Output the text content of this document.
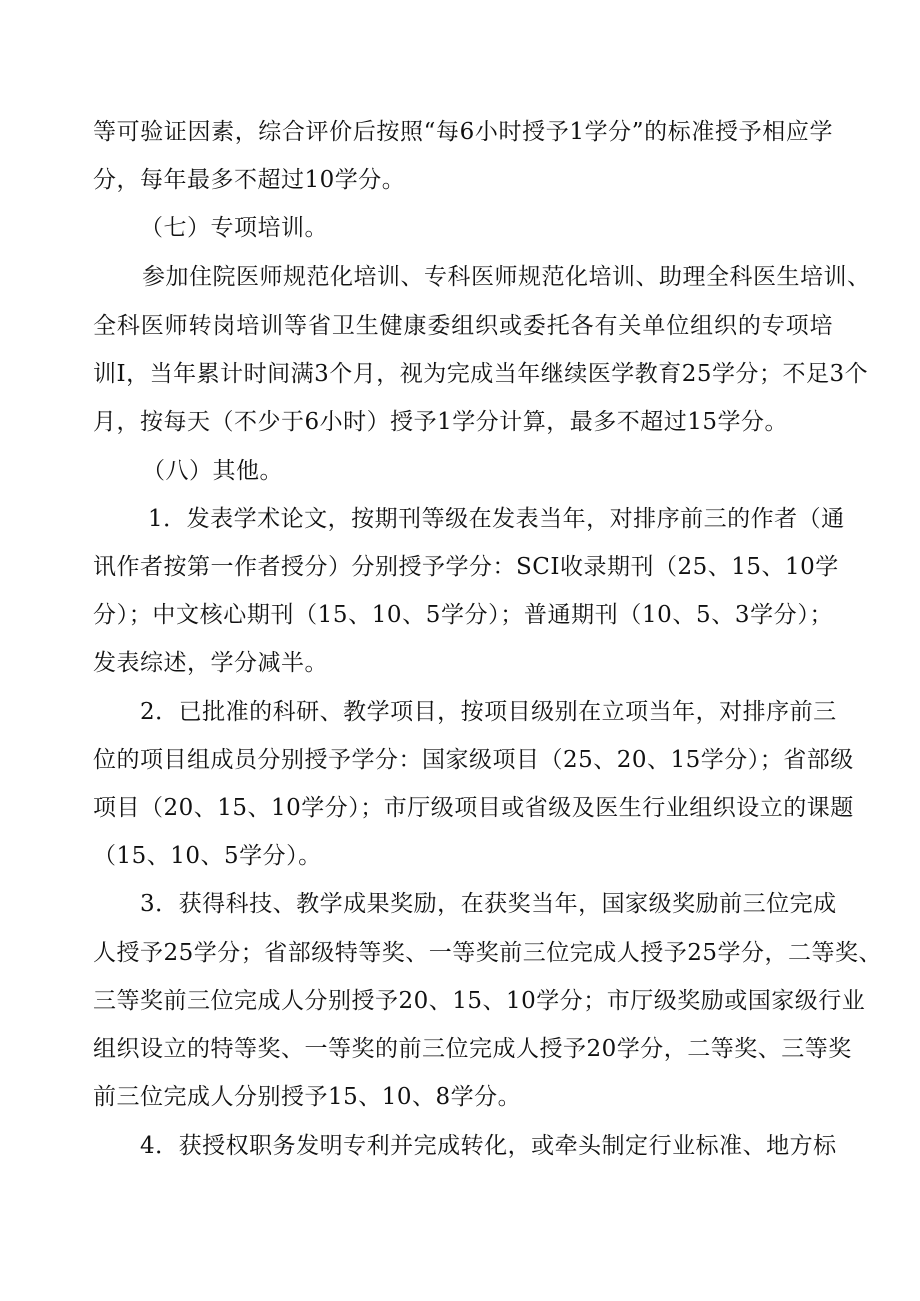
等可验证因素，综合评价后按照“每6小时授予1学分”的标准授予相应学
分，每年最多不超过10学分。
（七）专项培训。
参加住院医师规范化培训、专科医师规范化培训、助理全科医生培训、
全科医师转岗培训等省卫生健康委组织或委托各有关单位组织的专项培
训I，当年累计时间满3个月，视为完成当年继续医学教育25学分；不足3个
月，按每天（不少于6小时）授予1学分计算，最多不超过15学分。
（八）其他。
1．发表学术论文，按期刊等级在发表当年，对排序前三的作者（通
讯作者按第一作者授分）分别授予学分：SCI收录期刊（25、15、10学
分）；中文核心期刊（15、10、5学分）；普通期刊（10、5、3学分）；
发表综述，学分减半。
2．已批准的科研、教学项目，按项目级别在立项当年，对排序前三
位的项目组成员分别授予学分：国家级项目（25、20、15学分）；省部级
项目（20、15、10学分）；市厅级项目或省级及医生行业组织设立的课题
（15、10、5学分）。
3．获得科技、教学成果奖励，在获奖当年，国家级奖励前三位完成
人授予25学分；省部级特等奖、一等奖前三位完成人授予25学分，二等奖、
三等奖前三位完成人分别授予20、15、10学分；市厅级奖励或国家级行业
组织设立的特等奖、一等奖的前三位完成人授予20学分，二等奖、三等奖
前三位完成人分别授予15、10、8学分。
4．获授权职务发明专利并完成转化，或牵头制定行业标准、地方标
